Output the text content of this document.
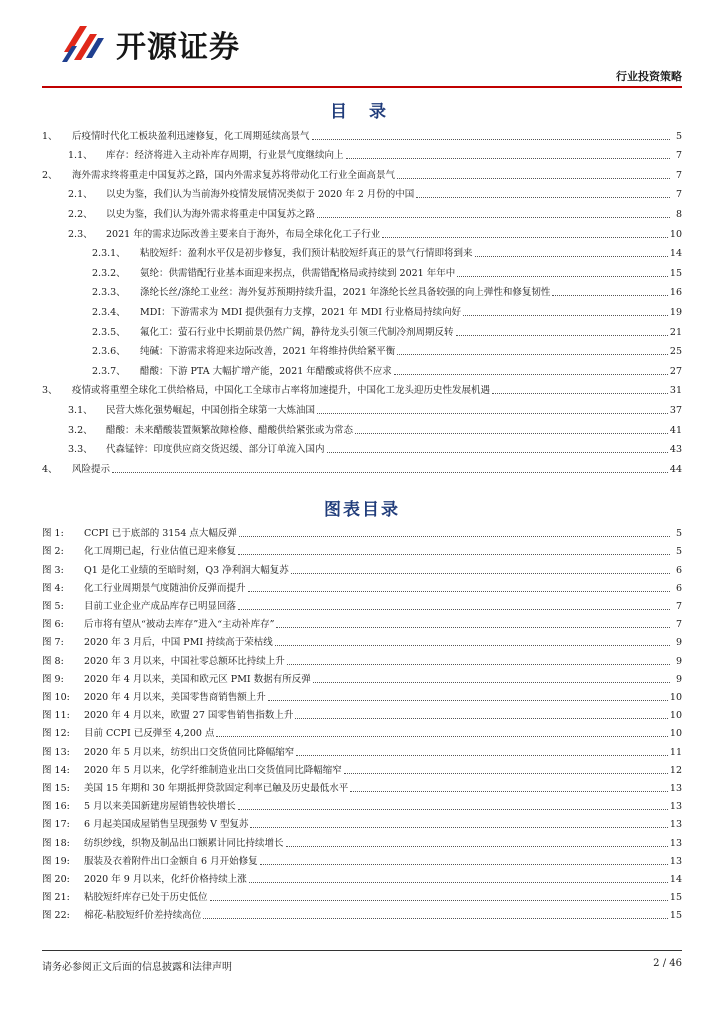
开源证券
行业投资策略
目 录
1、	后疫情时代化工板块盈利迅速修复，化工周期延续高景气	5
1.1、	库存：经济将进入主动补库存周期，行业景气度继续向上	7
2、	海外需求终将重走中国复苏之路，国内外需求复苏将带动化工行业全面高景气	7
2.1、	以史为鉴，我们认为当前海外疫情发展情况类似于 2020 年 2 月份的中国	7
2.2、	以史为鉴，我们认为海外需求将重走中国复苏之路	8
2.3、	2021 年的需求边际改善主要来自于海外，布局全球化化工子行业	10
2.3.1、	粘胶短纤：盈利水平仅是初步修复，我们预计粘胶短纤真正的景气行情即将到来	14
2.3.2、	氨纶：供需错配行业基本面迎来拐点，供需错配格局或持续到 2021 年年中	15
2.3.3、	涤纶长丝/涤纶工业丝：海外复苏预期持续升温，2021 年涤纶长丝具备较强的向上弹性和修复韧性	16
2.3.4、	MDI：下游需求为 MDI 提供强有力支撑，2021 年 MDI 行业格局持续向好	19
2.3.5、	氟化工：萤石行业中长期前景仍然广阔，静待龙头引领三代制冷剂周期反转	21
2.3.6、	纯碱：下游需求将迎来边际改善，2021 年将维持供给紧平衡	25
2.3.7、	醋酸：下游 PTA 大幅扩增产能，2021 年醋酸或将供不应求	27
3、	疫情或将重塑全球化工供给格局，中国化工全球市占率将加速提升，中国化工龙头迎历史性发展机遇	31
3.1、	民营大炼化强势崛起，中国创指全球第一大炼油国	37
3.2、	醋酸：未来醋酸装置频繁故障检修、醋酸供给紧张或为常态	41
3.3、	代森锰锌：印度供应商交货迟缓、部分订单流入国内	43
4、	风险提示	44
图表目录
图 1:	CCPI 已于底部的 3154 点大幅反弹	5
图 2:	化工周期已起，行业估值已迎来修复	5
图 3:	Q1 是化工业绩的至暗时刻，Q3 净利润大幅复苏	6
图 4:	化工行业周期景气度随油价反弹而提升	6
图 5:	目前工业企业产成品库存已明显回落	7
图 6:	后市将有望从“被动去库存”进入“主动补库存”	7
图 7:	2020 年 3 月后，中国 PMI 持续高于荣枯线	9
图 8:	2020 年 3 月以来，中国社零总额环比持续上升	9
图 9:	2020 年 4 月以来，美国和欧元区 PMI 数据有所反弹	9
图 10:	2020 年 4 月以来，美国零售商销售额上升	10
图 11:	2020 年 4 月以来，欧盟 27 国零售销售指数上升	10
图 12:	目前 CCPI 已反弹至 4,200 点	10
图 13:	2020 年 5 月以来，纺织出口交货值同比降幅缩窄	11
图 14:	2020 年 5 月以来，化学纤维制造业出口交货值同比降幅缩窄	12
图 15:	美国 15 年期和 30 年期抵押贷款固定利率已触及历史最低水平	13
图 16:	5 月以来美国新建房屋销售较快增长	13
图 17:	6 月起美国成屋销售呈现强势 V 型复苏	13
图 18:	纺织纱线，织物及制品出口额累计同比持续增长	13
图 19:	服装及衣着附件出口金额自 6 月开始修复	13
图 20:	2020 年 9 月以来，化纤价格持续上涨	14
图 21:	粘胶短纤库存已处于历史低位	15
图 22:	棉花-粘胶短纤价差持续高位	15
请务必参阅正文后面的信息披露和法律声明	2 / 46
